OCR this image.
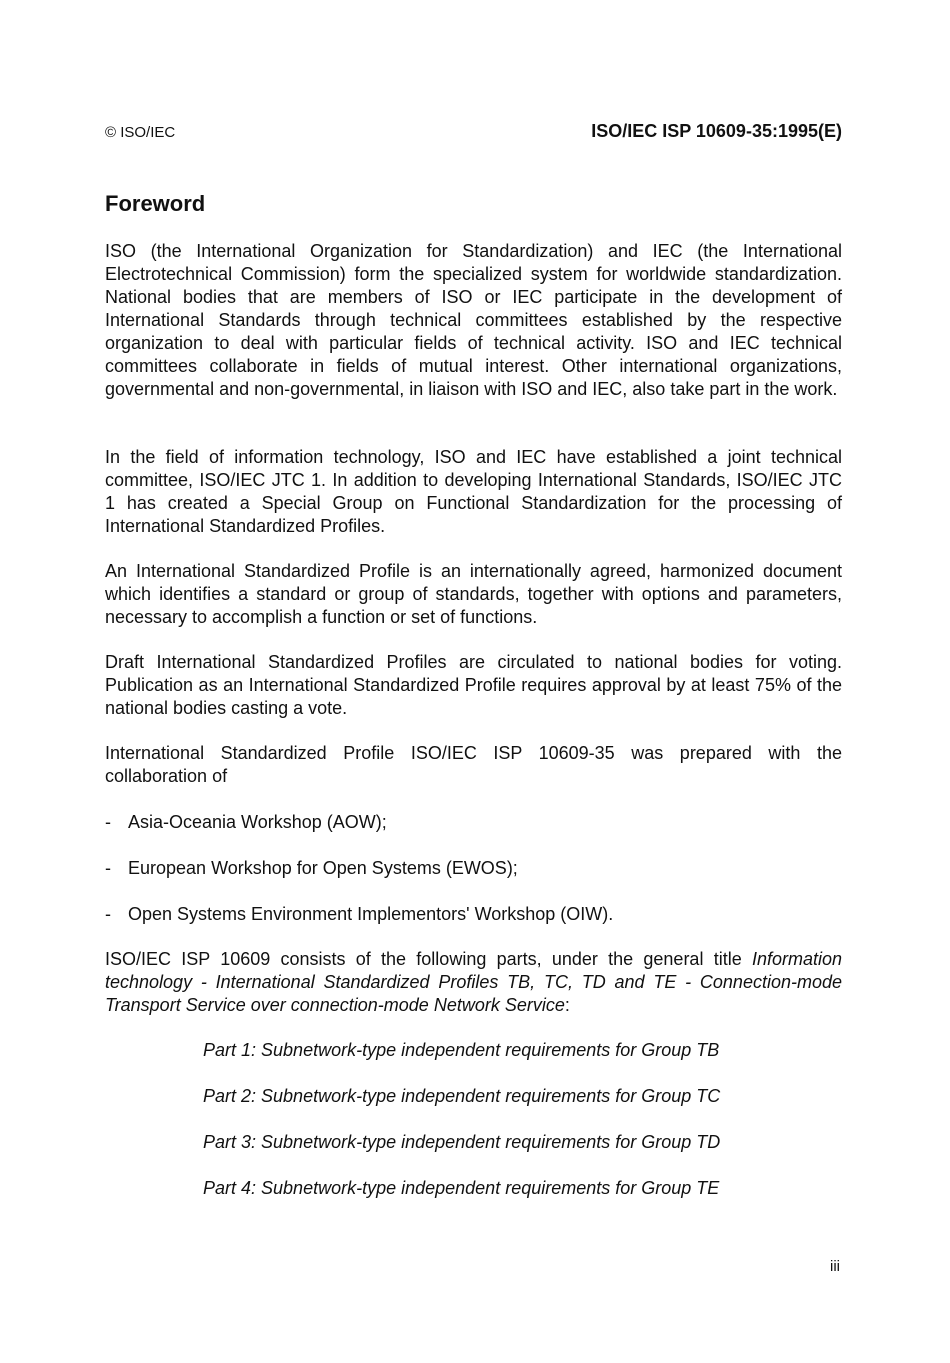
© ISO/IEC	ISO/IEC ISP 10609-35:1995(E)
Foreword

ISO (the International Organization for Standardization) and IEC (the International Electrotechnical Commission) form the specialized system for worldwide standardization. National bodies that are members of ISO or IEC participate in the development of International Standards through technical committees established by the respective organization to deal with particular fields of technical activity. ISO and IEC technical committees collaborate in fields of mutual interest. Other international organizations, governmental and non-governmental, in liaison with ISO and IEC, also take part in the work.

In the field of information technology, ISO and IEC have established a joint technical committee, ISO/IEC JTC 1. In addition to developing International Standards, ISO/IEC JTC 1 has created a Special Group on Functional Standardization for the processing of International Standardized Profiles.

An International Standardized Profile is an internationally agreed, harmonized document which identifies a standard or group of standards, together with options and parameters, necessary to accomplish a function or set of functions.

Draft International Standardized Profiles are circulated to national bodies for voting. Publication as an International Standardized Profile requires approval by at least 75% of the national bodies casting a vote.

International Standardized Profile ISO/IEC ISP 10609-35 was prepared with the collaboration of

- Asia-Oceania Workshop (AOW);
- European Workshop for Open Systems (EWOS);
- Open Systems Environment Implementors' Workshop (OIW).

ISO/IEC ISP 10609 consists of the following parts, under the general title Information technology - International Standardized Profiles TB, TC, TD and TE - Connection-mode Transport Service over connection-mode Network Service:

Part 1: Subnetwork-type independent requirements for Group TB
Part 2: Subnetwork-type independent requirements for Group TC
Part 3: Subnetwork-type independent requirements for Group TD
Part 4: Subnetwork-type independent requirements for Group TE
iii
